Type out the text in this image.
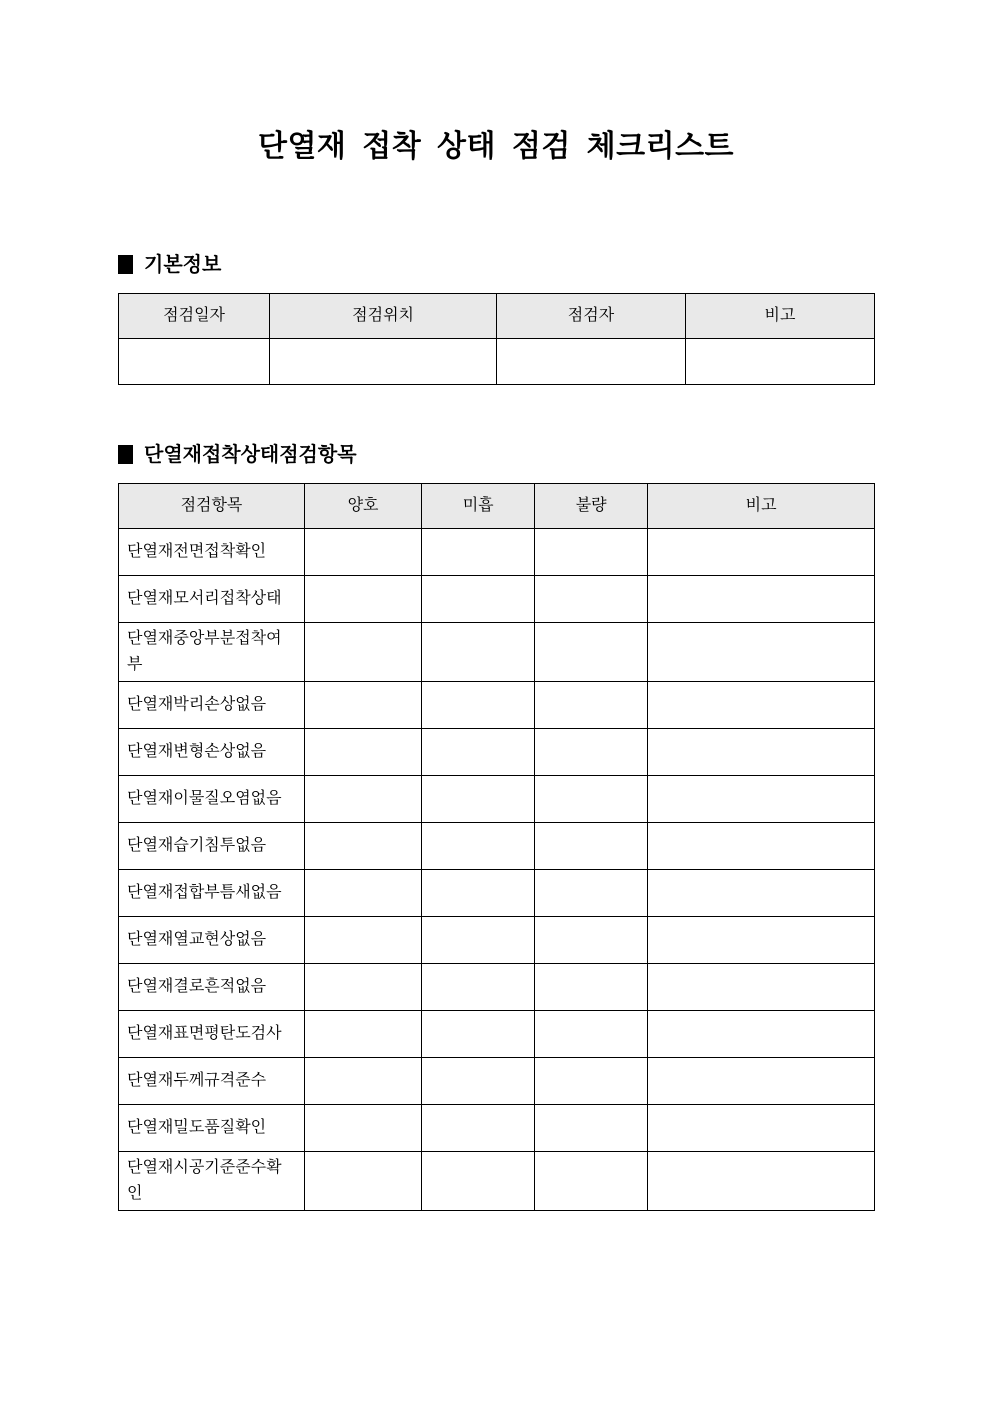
단열재 접착 상태 점검 체크리스트
기본정보
점검일자	점검위치	점검자	비고

단열재접착상태점검항목
점검항목	양호	미흡	불량	비고
단열재전면접착확인				
단열재모서리접착상태				
단열재중앙부분접착여부				
단열재박리손상없음				
단열재변형손상없음				
단열재이물질오염없음				
단열재습기침투없음				
단열재접합부틈새없음				
단열재열교현상없음				
단열재결로흔적없음				
단열재표면평탄도검사				
단열재두께규격준수				
단열재밀도품질확인				
단열재시공기준준수확인				
